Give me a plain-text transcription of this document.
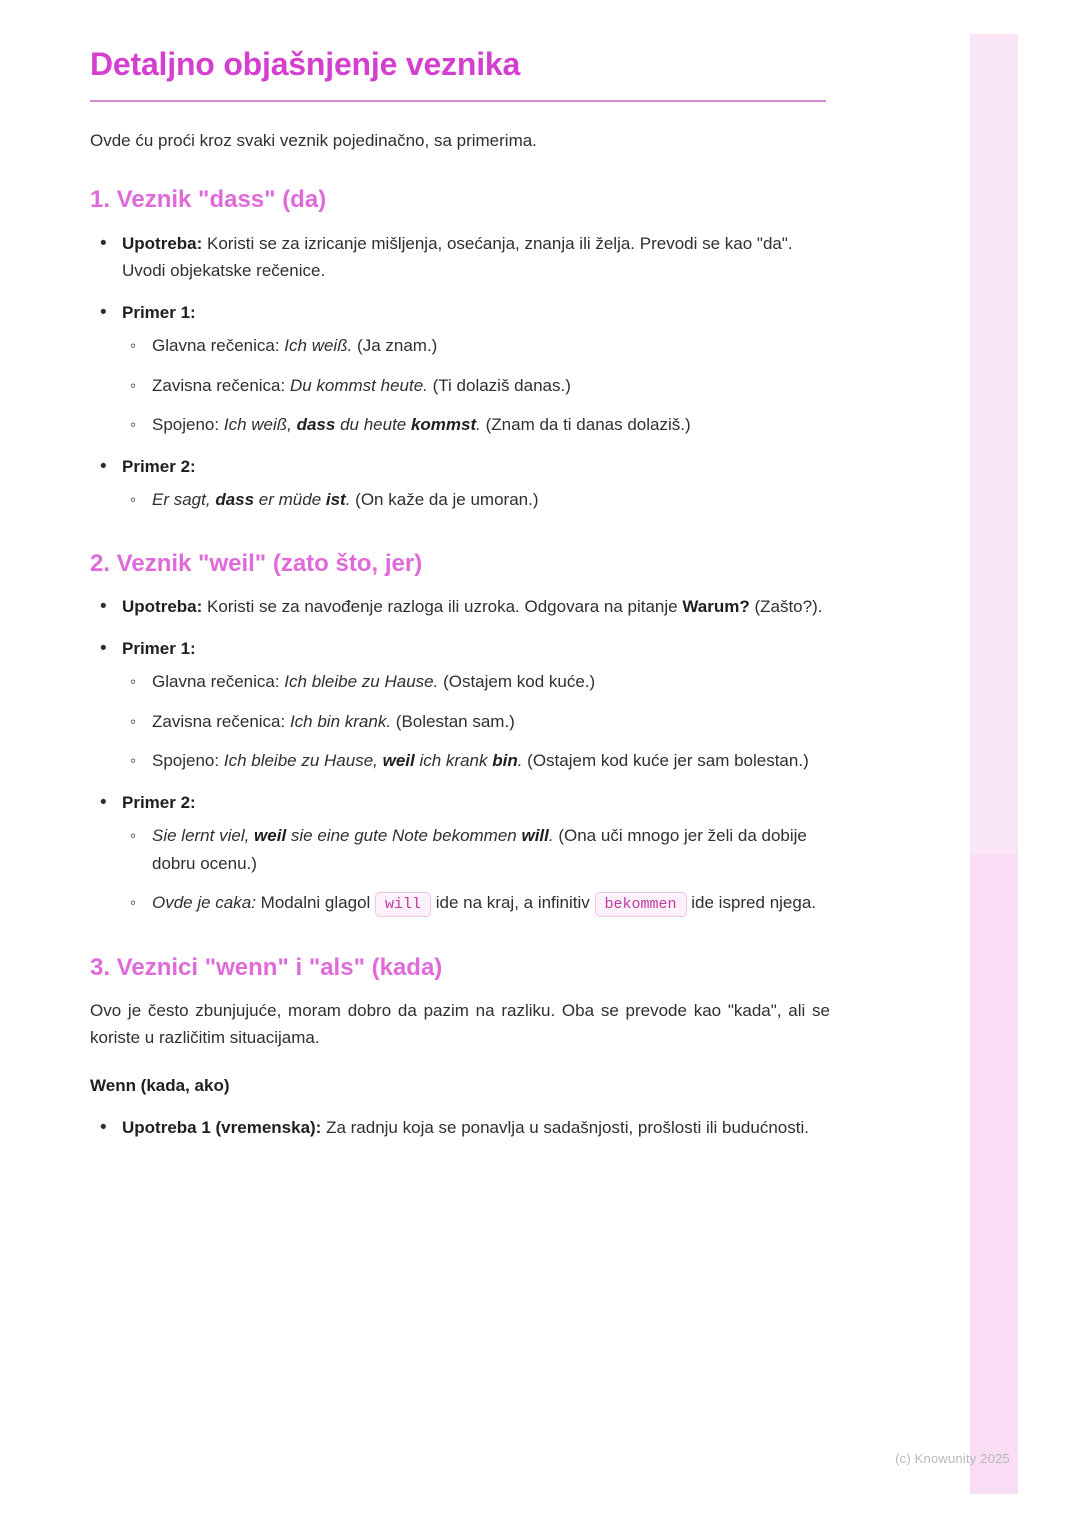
Detaljno objašnjenje veznika

Ovde ću proći kroz svaki veznik pojedinačno, sa primerima.

1. Veznik "dass" (da)
• Upotreba: Koristi se za izricanje mišljenja, osećanja, znanja ili želja. Prevodi se kao "da". Uvodi objekatske rečenice.
• Primer 1:
◦ Glavna rečenica: Ich weiß. (Ja znam.)
◦ Zavisna rečenica: Du kommst heute. (Ti dolaziš danas.)
◦ Spojeno: Ich weiß, dass du heute kommst. (Znam da ti danas dolaziš.)
• Primer 2:
◦ Er sagt, dass er müde ist. (On kaže da je umoran.)
2. Veznik "weil" (zato što, jer)
• Upotreba: Koristi se za navođenje razloga ili uzroka. Odgovara na pitanje Warum? (Zašto?).
• Primer 1:
◦ Glavna rečenica: Ich bleibe zu Hause. (Ostajem kod kuće.)
◦ Zavisna rečenica: Ich bin krank. (Bolestan sam.)
◦ Spojeno: Ich bleibe zu Hause, weil ich krank bin. (Ostajem kod kuće jer sam bolestan.)
• Primer 2:
◦ Sie lernt viel, weil sie eine gute Note bekommen will. (Ona uči mnogo jer želi da dobije dobru ocenu.)
◦ Ovde je caka: Modalni glagol will ide na kraj, a infinitiv bekommen ide ispred njega.
3. Veznici "wenn" i "als" (kada)

Ovo je često zbunjujuće, moram dobro da pazim na razliku. Oba se prevode kao "kada", ali se koriste u različitim situacijama.

Wenn (kada, ako)

• Upotreba 1 (vremenska): Za radnju koja se ponavlja u sadašnjosti, prošlosti ili budućnosti.
(c) Knowunity 2025
